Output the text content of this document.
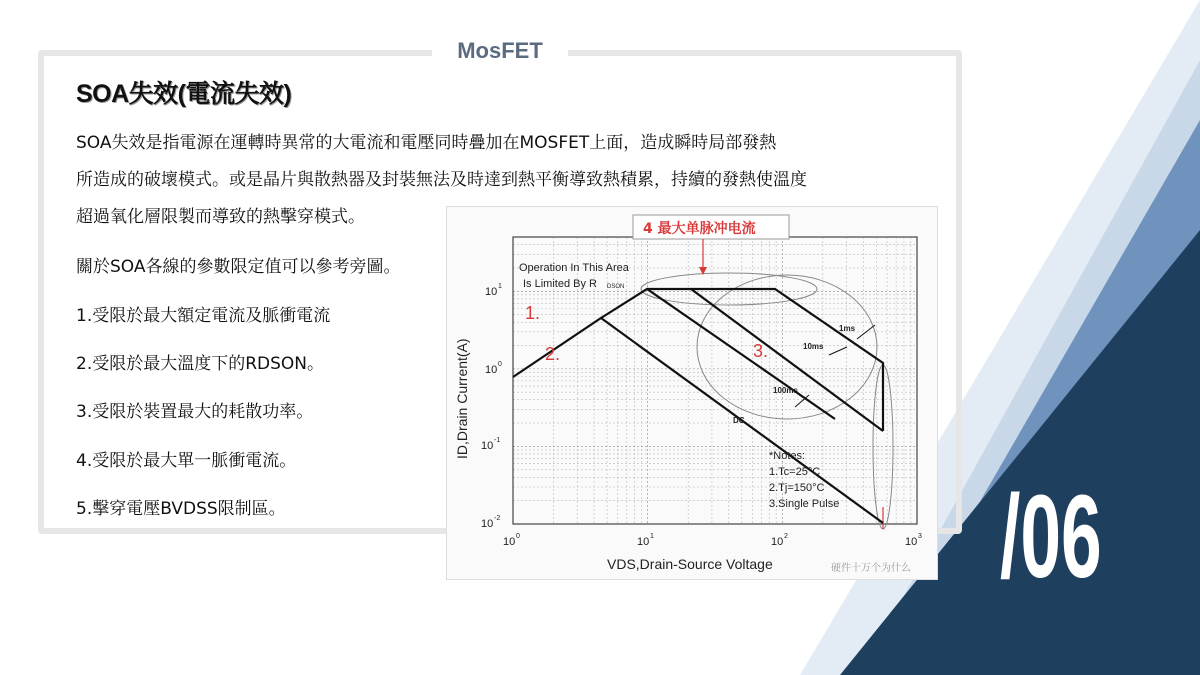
MosFET
SOA失效(電流失效)
SOA失效是指電源在運轉時異常的大電流和電壓同時疊加在MOSFET上面，造成瞬時局部發熱
所造成的破壞模式。或是晶片與散熱器及封裝無法及時達到熱平衡導致熱積累，持續的發熱使溫度
超過氧化層限製而導致的熱擊穿模式。
關於SOA各線的參數限定值可以參考旁圖。
1.受限於最大額定電流及脈衝電流
2.受限於最大溫度下的RDSON。
3.受限於裝置最大的耗散功率。
4.受限於最大單一脈衝電流。
5.擊穿電壓BVDSS限制區。	/06
4 最大单脉冲电流
Operation In This Area
Is Limited By R DSON
1.
2.	3.
1ms
10ms
100ms
DC
*Notes:
1.Tc=25°C
2.Tj=150°C
3.Single Pulse
10 0	10 1	10 2	10 3
10 1
10 0
10 -1
10 -2
VDS,Drain-Source Voltage
ID,Drain Current(A)
硬件十万个为什么
